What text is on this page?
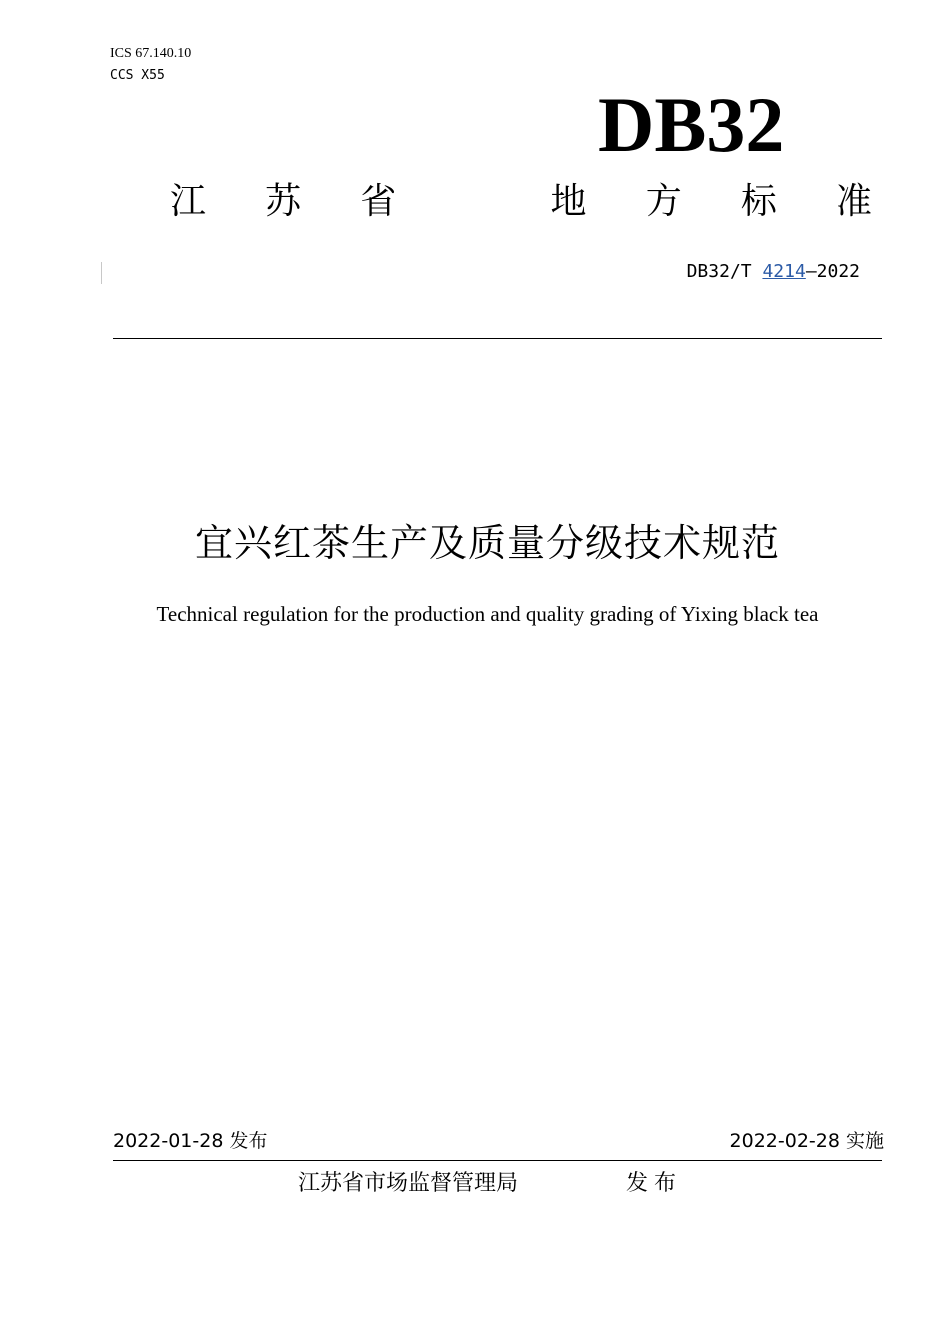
ICS 67.140.10
CCS X55
DB32
江 苏 省	地 方 标 准
DB32/T 4214—2022
宜兴红茶生产及质量分级技术规范
Technical regulation for the production and quality grading of Yixing black tea
2022-01-28 发布	2022-02-28 实施
江苏省市场监督管理局	发布
